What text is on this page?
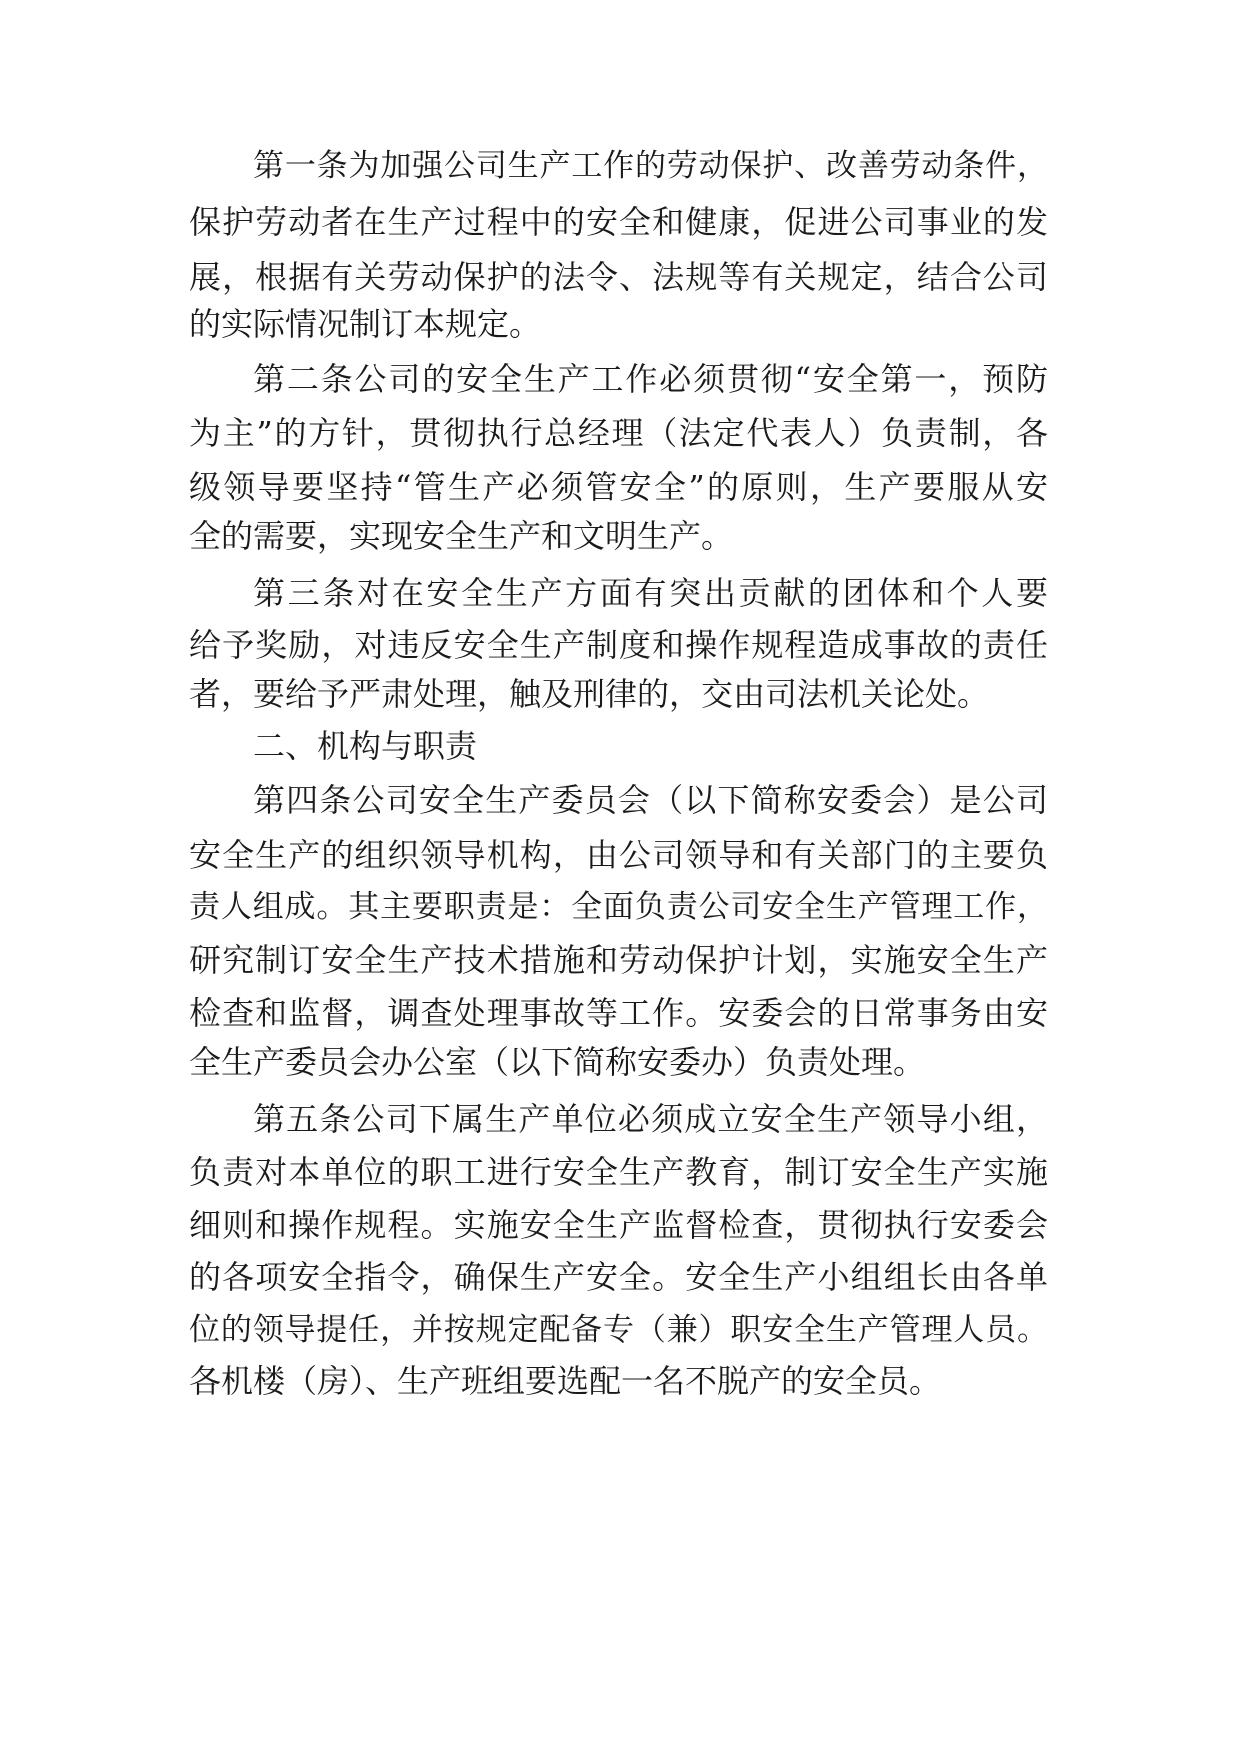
第一条为加强公司生产工作的劳动保护、改善劳动条件，
保护劳动者在生产过程中的安全和健康，促进公司事业的发
展，根据有关劳动保护的法令、法规等有关规定，结合公司
的实际情况制订本规定。
第二条公司的安全生产工作必须贯彻“安全第一，预防
为主”的方针，贯彻执行总经理（法定代表人）负责制，各
级领导要坚持“管生产必须管安全”的原则，生产要服从安
全的需要，实现安全生产和文明生产。
第三条对在安全生产方面有突出贡献的团体和个人要
给予奖励，对违反安全生产制度和操作规程造成事故的责任
者，要给予严肃处理，触及刑律的，交由司法机关论处。
二、机构与职责
第四条公司安全生产委员会（以下简称安委会）是公司
安全生产的组织领导机构，由公司领导和有关部门的主要负
责人组成。其主要职责是：全面负责公司安全生产管理工作，
研究制订安全生产技术措施和劳动保护计划，实施安全生产
检查和监督，调查处理事故等工作。安委会的日常事务由安
全生产委员会办公室（以下简称安委办）负责处理。
第五条公司下属生产单位必须成立安全生产领导小组，
负责对本单位的职工进行安全生产教育，制订安全生产实施
细则和操作规程。实施安全生产监督检查，贯彻执行安委会
的各项安全指令，确保生产安全。安全生产小组组长由各单
位的领导提任，并按规定配备专（兼）职安全生产管理人员。
各机楼（房）、生产班组要选配一名不脱产的安全员。
